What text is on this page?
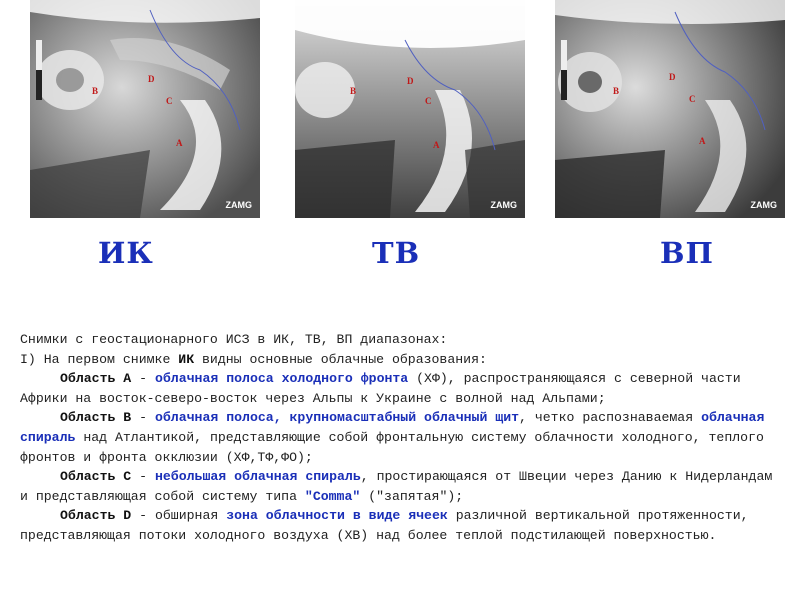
B
D
C
A
ZAMG
B
D
C
A
ZAMG
B
D
C
A
ZAMG
ИК	ТВ	ВП

Снимки с геостационарного ИСЗ в ИК, ТВ, ВП диапазонах:

I) На первом снимке ИК видны основные облачные образования:

Область A - облачная полоса холодного фронта (ХФ), распространяющаяся с северной части Африки на восток-северо-восток через Альпы к Украине с волной над Альпами;

Область B - облачная полоса, крупномасштабный облачный щит, четко распознаваемая облачная спираль над Атлантикой, представляющие собой фронтальную систему облачности холодного, теплого фронтов и фронта окклюзии (ХФ,ТФ,ФО);

Область C - небольшая облачная спираль, простирающаяся от Швеции через Данию к Нидерландам и представляющая собой систему типа "Comma" ("запятая");

Область D - обширная зона облачности в виде ячеек различной вертикальной протяженности, представляющая потоки холодного воздуха (ХВ) над более теплой подстилающей поверхностью.
